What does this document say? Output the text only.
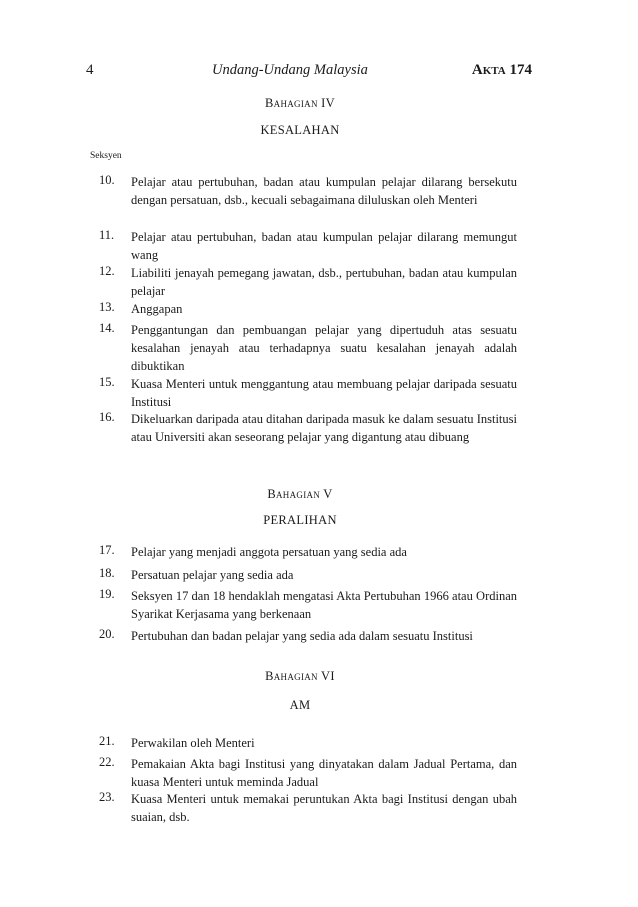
4	Undang-Undang Malaysia	Akta 174
Bahagian IV
KESALAHAN
Seksyen
10. Pelajar atau pertubuhan, badan atau kumpulan pelajar dilarang bersekutu dengan persatuan, dsb., kecuali sebagaimana diluluskan oleh Menteri
11. Pelajar atau pertubuhan, badan atau kumpulan pelajar dilarang memungut wang
12. Liabiliti jenayah pemegang jawatan, dsb., pertubuhan, badan atau kumpulan pelajar
13. Anggapan
14. Penggantungan dan pembuangan pelajar yang dipertuduh atas sesuatu kesalahan jenayah atau terhadapnya suatu kesalahan jenayah adalah dibuktikan
15. Kuasa Menteri untuk menggantung atau membuang pelajar daripada sesuatu Institusi
16. Dikeluarkan daripada atau ditahan daripada masuk ke dalam sesuatu Institusi atau Universiti akan seseorang pelajar yang digantung atau dibuang
Bahagian V
PERALIHAN
17. Pelajar yang menjadi anggota persatuan yang sedia ada
18. Persatuan pelajar yang sedia ada
19. Seksyen 17 dan 18 hendaklah mengatasi Akta Pertubuhan 1966 atau Ordinan Syarikat Kerjasama yang berkenaan
20. Pertubuhan dan badan pelajar yang sedia ada dalam sesuatu Institusi
Bahagian VI
AM
21. Perwakilan oleh Menteri
22. Pemakaian Akta bagi Institusi yang dinyatakan dalam Jadual Pertama, dan kuasa Menteri untuk meminda Jadual
23. Kuasa Menteri untuk memakai peruntukan Akta bagi Institusi dengan ubah suaian, dsb.
